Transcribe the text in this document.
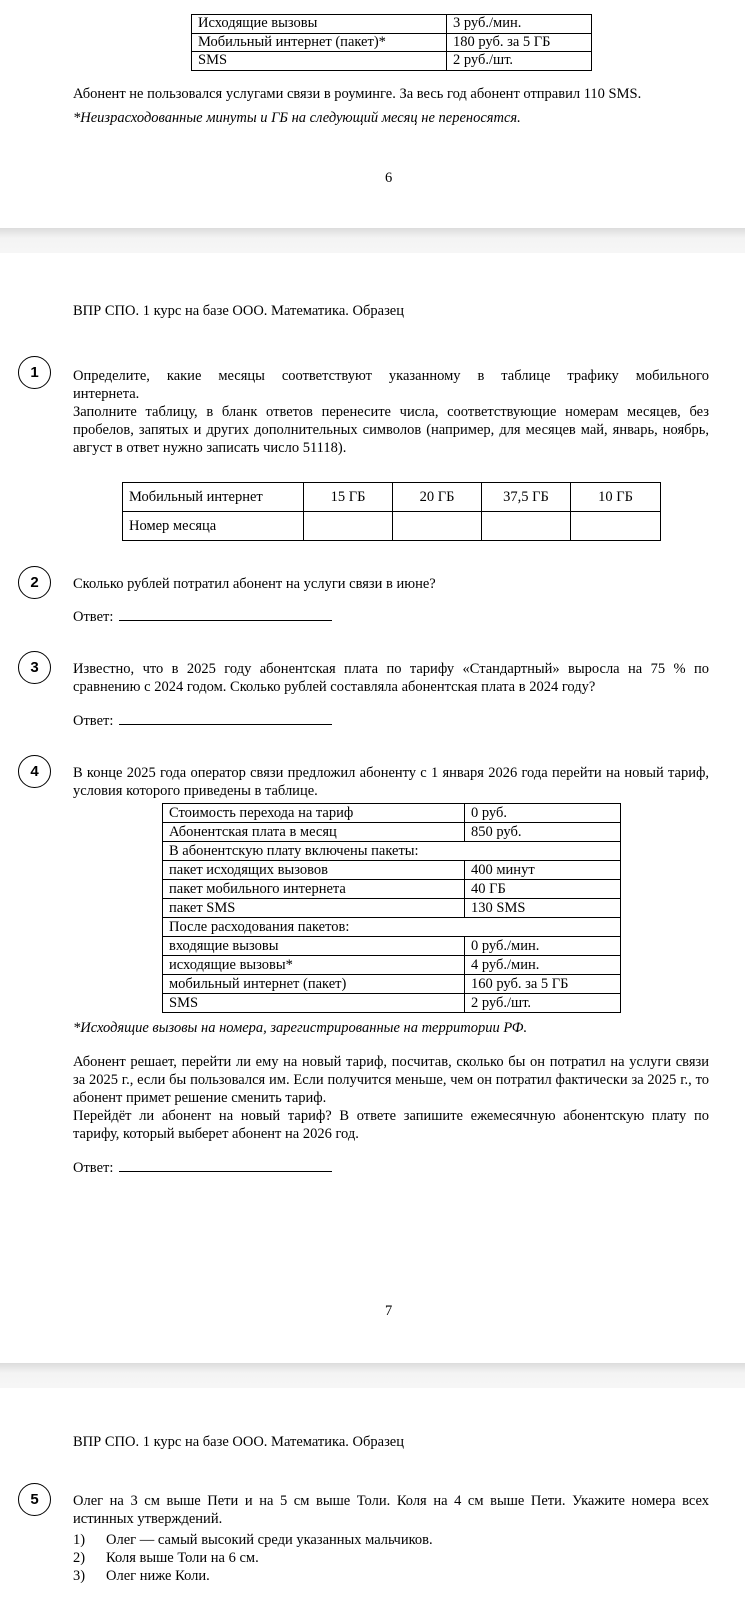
Исходящие вызовы	3 руб./мин.
Мобильный интернет (пакет)*	180 руб. за 5 ГБ
SMS	2 руб./шт.
Абонент не пользовался услугами связи в роуминге. За весь год абонент отправил 110 SMS.
*Неизрасходованные минуты и ГБ на следующий месяц не переносятся.
6
ВПР СПО. 1 курс на базе ООО. Математика. Образец
1	Определите, какие месяцы соответствуют указанному в таблице трафику мобильного
интернета.
Заполните таблицу, в бланк ответов перенесите числа, соответствующие номерам месяцев, без пробелов, запятых и других дополнительных символов (например, для месяцев май, январь, ноябрь, август в ответ нужно записать число 51118).
Мобильный интернет	15 ГБ	20 ГБ	37,5 ГБ	10 ГБ
Номер месяца				
2	Сколько рублей потратил абонент на услуги связи в июне?
Ответ:
3	Известно, что в 2025 году абонентская плата по тарифу «Стандартный» выросла на 75 % по сравнению с 2024 годом. Сколько рублей составляла абонентская плата в 2024 году?
Ответ:
4	В конце 2025 года оператор связи предложил абоненту с 1 января 2026 года перейти на новый тариф, условия которого приведены в таблице.
Стоимость перехода на тариф	0 руб.
Абонентская плата в месяц	850 руб.
В абонентскую плату включены пакеты:	
пакет исходящих вызовов	400 минут
пакет мобильного интернета	40 ГБ
пакет SMS	130 SMS
После расходования пакетов:	
входящие вызовы	0 руб./мин.
исходящие вызовы*	4 руб./мин.
мобильный интернет (пакет)	160 руб. за 5 ГБ
SMS	2 руб./шт.
*Исходящие вызовы на номера, зарегистрированные на территории РФ.
Абонент решает, перейти ли ему на новый тариф, посчитав, сколько бы он потратил на услуги связи за 2025 г., если бы пользовался им. Если получится меньше, чем он потратил фактически за 2025 г., то абонент примет решение сменить тариф.
Перейдёт ли абонент на новый тариф? В ответе запишите ежемесячную абонентскую плату по тарифу, который выберет абонент на 2026 год.
Ответ:
7
ВПР СПО. 1 курс на базе ООО. Математика. Образец
5	Олег на 3 см выше Пети и на 5 см выше Толи. Коля на 4 см выше Пети. Укажите номера всех истинных утверждений.
1) Олег — самый высокий среди указанных мальчиков.
2) Коля выше Толи на 6 см.
3) Олег ниже Коли.
